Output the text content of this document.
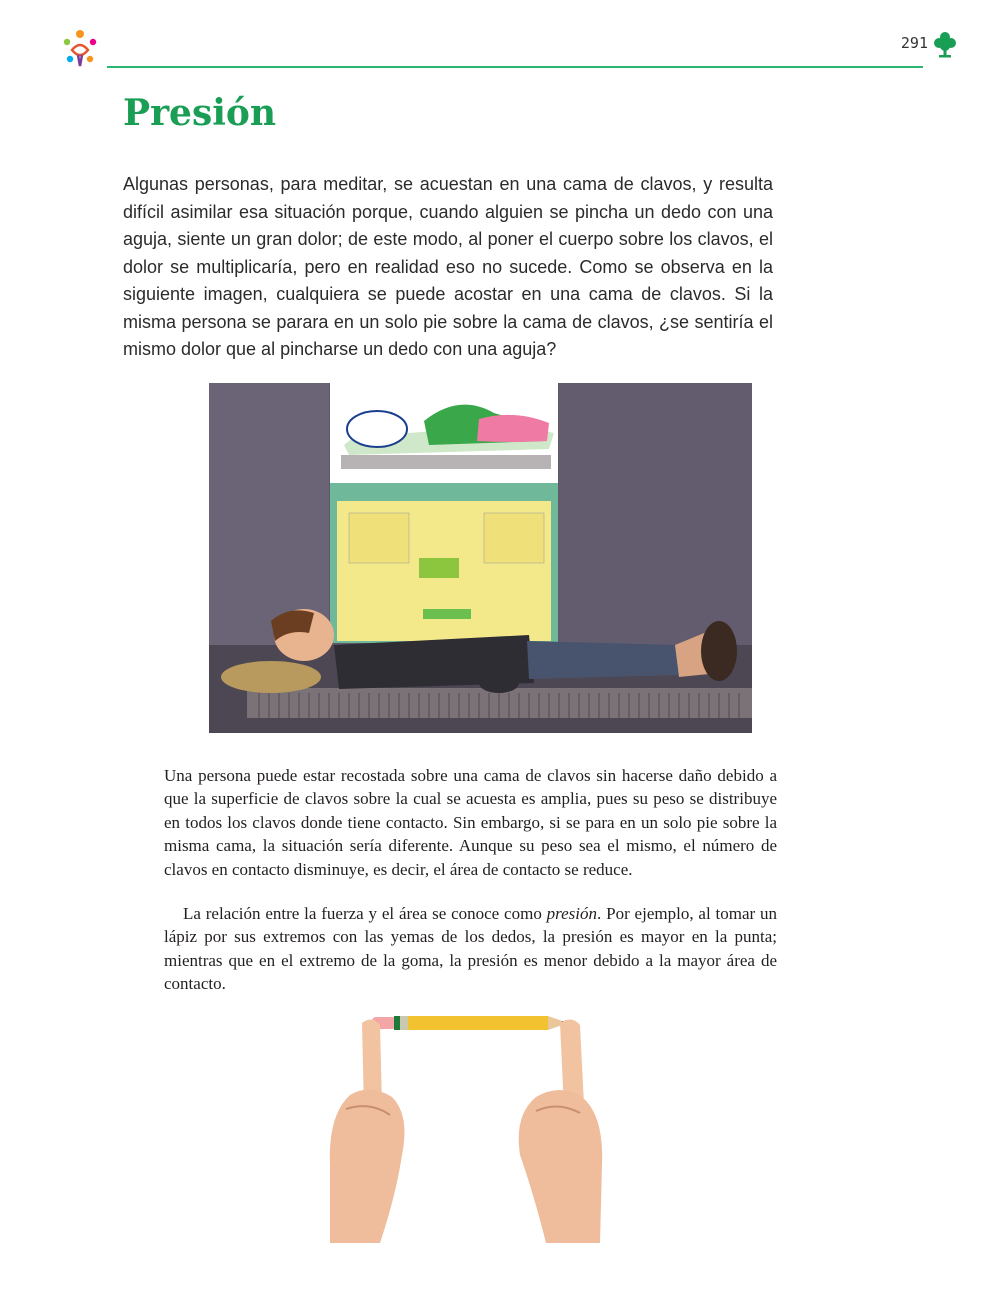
291
Presión

Algunas personas, para meditar, se acuestan en una cama de clavos, y resulta difícil asimilar esa situación porque, cuando alguien se pincha un dedo con una aguja, siente un gran dolor; de este modo, al poner el cuerpo sobre los clavos, el dolor se multiplicaría, pero en realidad eso no sucede. Como se observa en la siguiente imagen, cualquiera se puede acostar en una cama de clavos. Si la misma persona se parara en un solo pie sobre la cama de clavos, ¿se sentiría el mismo dolor que al pincharse un dedo con una aguja?

Una persona puede estar recostada sobre una cama de clavos sin hacerse daño debido a que la superficie de clavos sobre la cual se acuesta es amplia, pues su peso se distribuye en todos los clavos donde tiene contacto. Sin embargo, si se para en un solo pie sobre la misma cama, la situación sería diferente. Aunque su peso sea el mismo, el número de clavos en contacto disminuye, es decir, el área de contacto se reduce.

La relación entre la fuerza y el área se conoce como presión. Por ejemplo, al tomar un lápiz por sus extremos con las yemas de los dedos, la presión es mayor en la punta; mientras que en el extremo de la goma, la presión es menor debido a la mayor área de contacto.
